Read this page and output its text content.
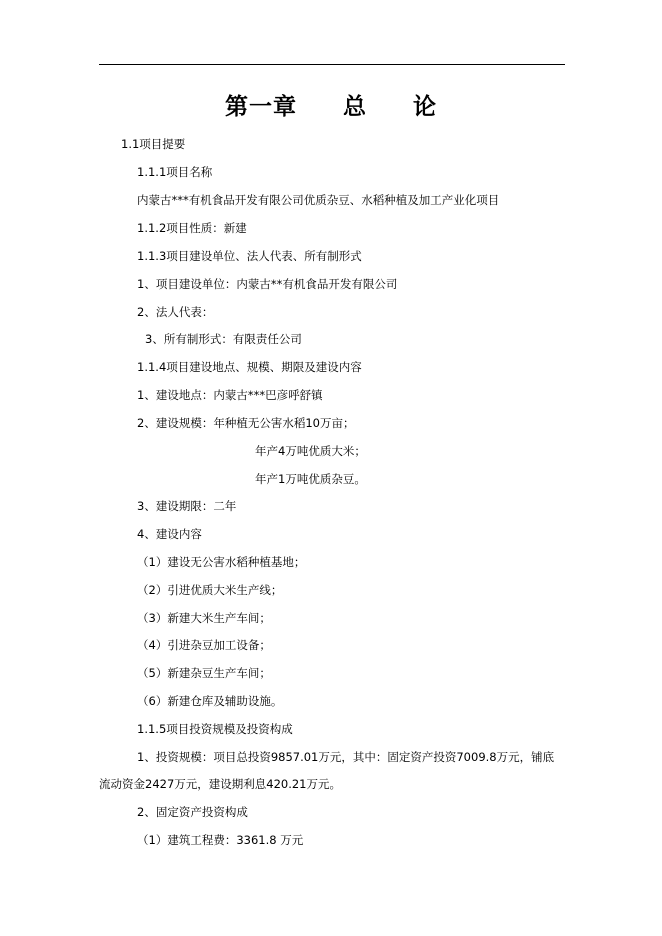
第一章 总 论
1.1项目提要
1.1.1项目名称
内蒙古***有机食品开发有限公司优质杂豆、水稻种植及加工产业化项目
1.1.2项目性质：新建
1.1.3项目建设单位、法人代表、所有制形式
1、项目建设单位：内蒙古**有机食品开发有限公司
2、法人代表：
3、所有制形式：有限责任公司
1.1.4项目建设地点、规模、期限及建设内容
1、建设地点：内蒙古***巴彦呼舒镇
2、建设规模：年种植无公害水稻10万亩；
年产4万吨优质大米；
年产1万吨优质杂豆。
3、建设期限：二年
4、建设内容
（1）建设无公害水稻种植基地；
（2）引进优质大米生产线；
（3）新建大米生产车间；
（4）引进杂豆加工设备；
（5）新建杂豆生产车间；
（6）新建仓库及辅助设施。
1.1.5项目投资规模及投资构成
1、投资规模：项目总投资9857.01万元，其中：固定资产投资7009.8万元，铺底
流动资金2427万元，建设期利息420.21万元。
2、固定资产投资构成
（1）建筑工程费：3361.8 万元
